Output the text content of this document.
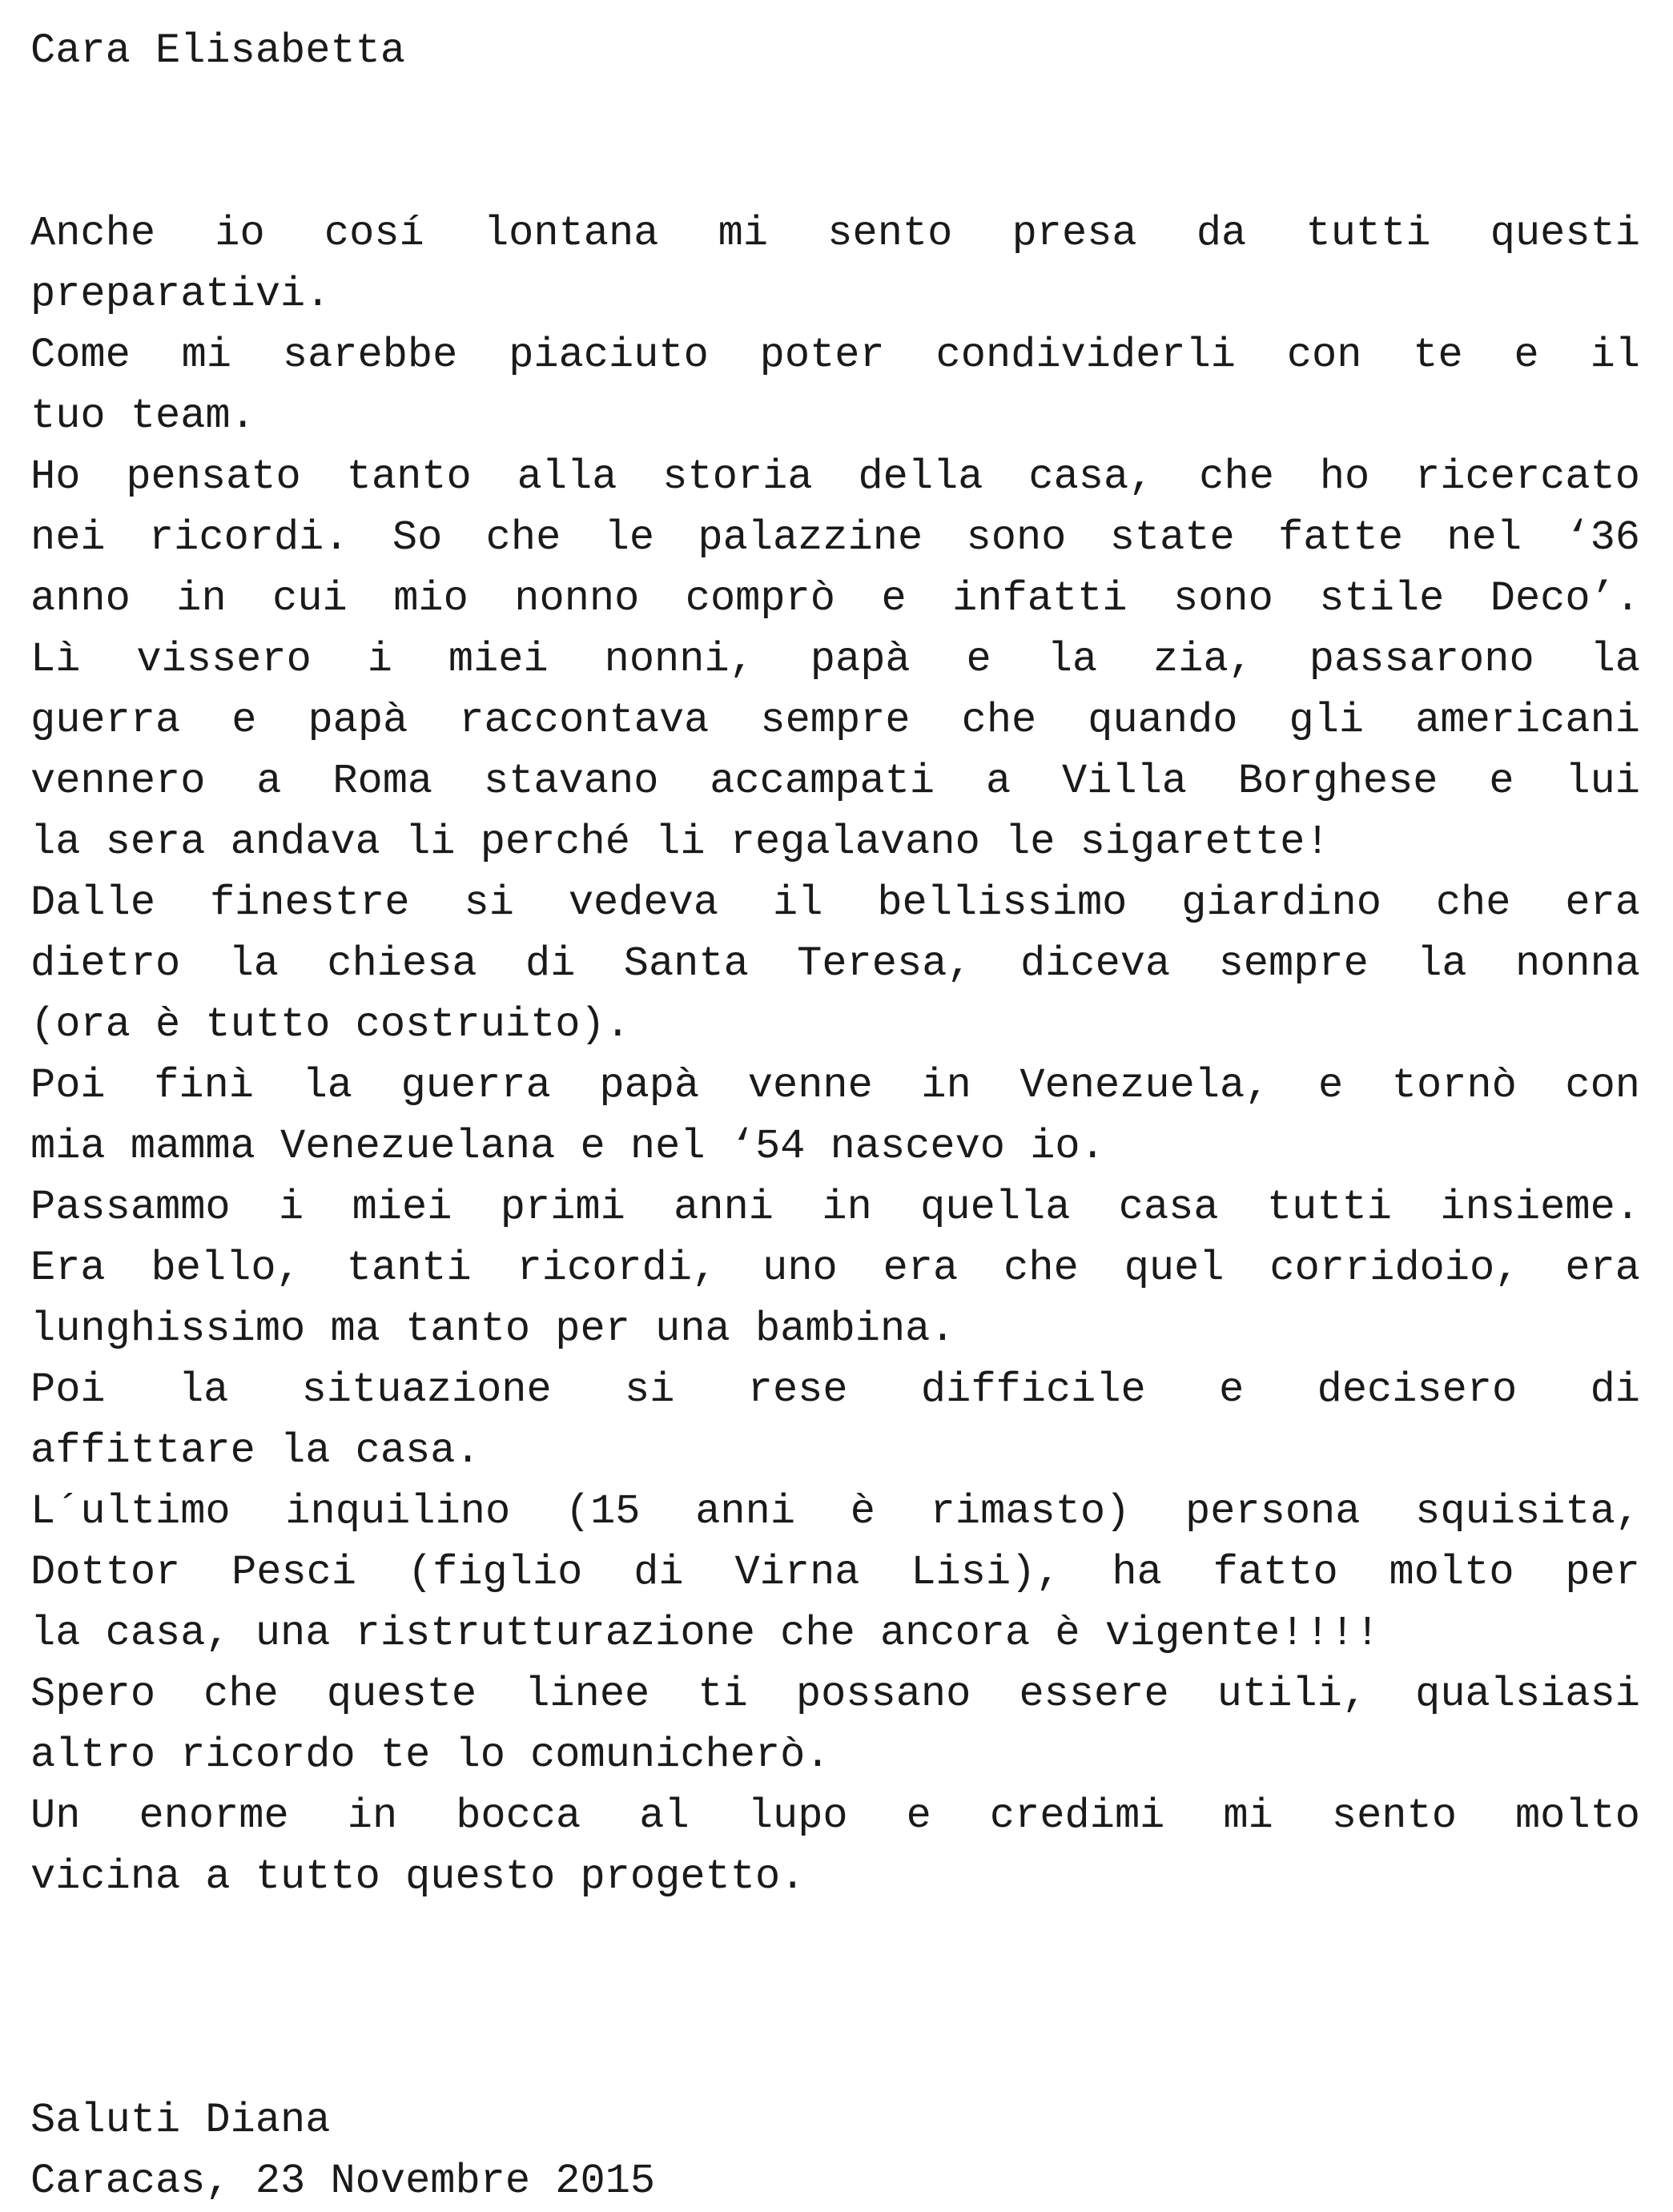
Cara Elisabetta
Anche io cosí lontana mi sento presa da tutti questi
preparativi.
Come mi sarebbe piaciuto poter condividerli con te e il
tuo team.
Ho pensato tanto alla storia della casa, che ho ricercato
nei ricordi. So che le palazzine sono state fatte nel ‘36
anno in cui mio nonno comprò e infatti sono stile Deco’.
Lì vissero i miei nonni, papà e la zia, passarono la
guerra e papà raccontava sempre che quando gli americani
vennero a Roma stavano accampati a Villa Borghese e lui
la sera andava li perché li regalavano le sigarette!
Dalle finestre si vedeva il bellissimo giardino che era
dietro la chiesa di Santa Teresa, diceva sempre la nonna
(ora è tutto costruito).
Poi finì la guerra papà venne in Venezuela, e tornò con
mia mamma Venezuelana e nel ‘54 nascevo io.
Passammo i miei primi anni in quella casa tutti insieme.
Era bello, tanti ricordi, uno era che quel corridoio, era
lunghissimo ma tanto per una bambina.
Poi la situazione si rese difficile e decisero di
affittare la casa.
L´ultimo inquilino (15 anni è rimasto) persona squisita,
Dottor Pesci (figlio di Virna Lisi), ha fatto molto per
la casa, una ristrutturazione che ancora è vigente!!!!
Spero che queste linee ti possano essere utili, qualsiasi
altro ricordo te lo comunicherò.
Un enorme in bocca al lupo e credimi mi sento molto
vicina a tutto questo progetto.
Saluti Diana
Caracas, 23 Novembre 2015
